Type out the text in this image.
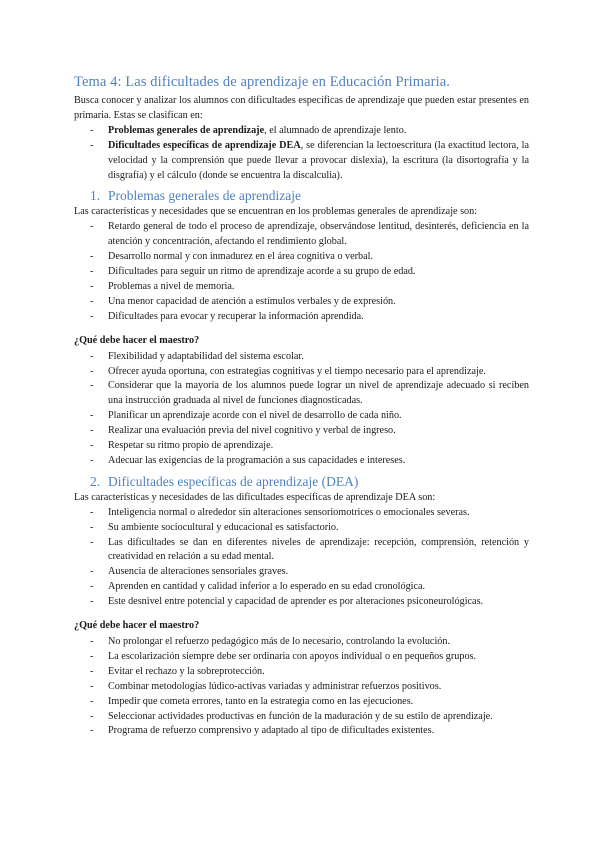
Tema 4: Las dificultades de aprendizaje en Educación Primaria.

Busca conocer y analizar los alumnos con dificultades específicas de aprendizaje que pueden estar presentes en primaria. Estas se clasifican en:

- Problemas generales de aprendizaje, el alumnado de aprendizaje lento.
- Dificultades específicas de aprendizaje DEA, se diferencian la lectoescritura (la exactitud lectora, la velocidad y la comprensión que puede llevar a provocar dislexia), la escritura (la disortografía y la disgrafía) y el cálculo (donde se encuentra la discalculia).
1. Problemas generales de aprendizaje

Las características y necesidades que se encuentran en los problemas generales de aprendizaje son:

- Retardo general de todo el proceso de aprendizaje, observándose lentitud, desinterés, deficiencia en la atención y concentración, afectando el rendimiento global.
- Desarrollo normal y con inmadurez en el área cognitiva o verbal.
- Dificultades para seguir un ritmo de aprendizaje acorde a su grupo de edad.
- Problemas a nivel de memoria.
- Una menor capacidad de atención a estímulos verbales y de expresión.
- Dificultades para evocar y recuperar la información aprendida.
¿Qué debe hacer el maestro?
- Flexibilidad y adaptabilidad del sistema escolar.
- Ofrecer ayuda oportuna, con estrategias cognitivas y el tiempo necesario para el aprendizaje.
- Considerar que la mayoría de los alumnos puede lograr un nivel de aprendizaje adecuado si reciben una instrucción graduada al nivel de funciones diagnosticadas.
- Planificar un aprendizaje acorde con el nivel de desarrollo de cada niño.
- Realizar una evaluación previa del nivel cognitivo y verbal de ingreso.
- Respetar su ritmo propio de aprendizaje.
- Adecuar las exigencias de la programación a sus capacidades e intereses.
2. Dificultades específicas de aprendizaje (DEA)

Las características y necesidades de las dificultades específicas de aprendizaje DEA son:

- Inteligencia normal o alrededor sin alteraciones sensoriomotrices o emocionales severas.
- Su ambiente sociocultural y educacional es satisfactorio.
- Las dificultades se dan en diferentes niveles de aprendizaje: recepción, comprensión, retención y creatividad en relación a su edad mental.
- Ausencia de alteraciones sensoriales graves.
- Aprenden en cantidad y calidad inferior a lo esperado en su edad cronológica.
- Este desnivel entre potencial y capacidad de aprender es por alteraciones psiconeurológicas.
¿Qué debe hacer el maestro?
- No prolongar el refuerzo pedagógico más de lo necesario, controlando la evolución.
- La escolarización siempre debe ser ordinaria con apoyos individual o en pequeños grupos.
- Evitar el rechazo y la sobreprotección.
- Combinar metodologías lúdico-activas variadas y administrar refuerzos positivos.
- Impedir que cometa errores, tanto en la estrategia como en las ejecuciones.
- Seleccionar actividades productivas en función de la maduración y de su estilo de aprendizaje.
- Programa de refuerzo comprensivo y adaptado al tipo de dificultades existentes.
